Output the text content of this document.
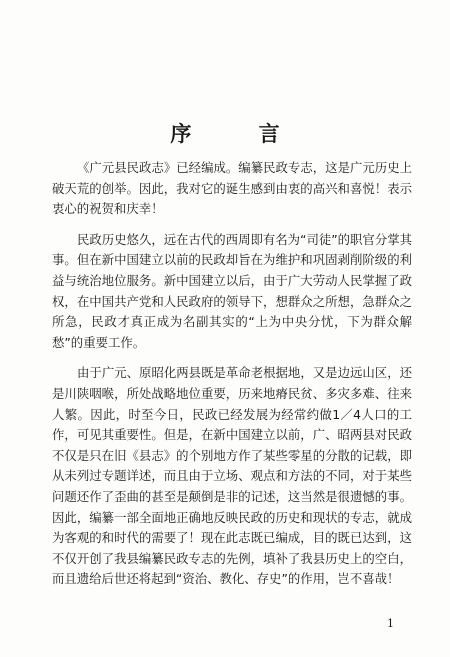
序 言

《广元县民政志》已经编成。编纂民政专志，这是广元历史上破天荒的创举。因此，我对它的诞生感到由衷的高兴和喜悦！表示衷心的祝贺和庆幸！

民政历史悠久，远在古代的西周即有名为“司徒”的职官分掌其事。但在新中国建立以前的民政却旨在为维护和巩固剥削阶级的利益与统治地位服务。新中国建立以后，由于广大劳动人民掌握了政权，在中国共产党和人民政府的领导下，想群众之所想，急群众之所急，民政才真正成为名副其实的“上为中央分忧，下为群众解愁”的重要工作。

由于广元、原昭化两县既是革命老根据地，又是边远山区，还是川陕咽喉，所处战略地位重要，历来地瘠民贫、多灾多难、往来人繁。因此，时至今日，民政已经发展为经常约做1／4人口的工作，可见其重要性。但是，在新中国建立以前，广、昭两县对民政不仅是只在旧《县志》的个别地方作了某些零星的分散的记载，即从未列过专题详述，而且由于立场、观点和方法的不同，对于某些问题还作了歪曲的甚至是颠倒是非的记述，这当然是很遗憾的事。因此，编纂一部全面地正确地反映民政的历史和现状的专志，就成为客观的和时代的需要了！现在此志既已编成，目的既已达到，这不仅开创了我县编纂民政专志的先例，填补了我县历史上的空白，而且遗给后世还将起到“资治、教化、存史”的作用，岂不喜哉！

1
